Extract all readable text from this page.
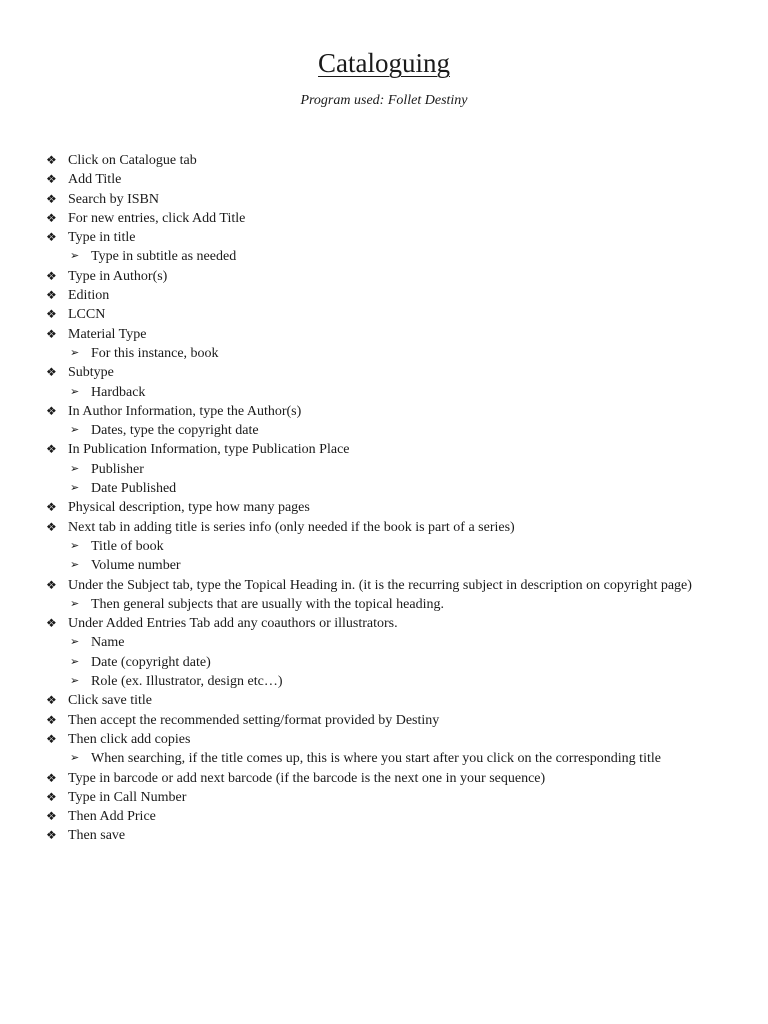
Cataloguing
Program used: Follet Destiny
❖ Click on Catalogue tab
❖ Add Title
❖ Search by ISBN
❖ For new entries, click Add Title
❖ Type in title
➢ Type in subtitle as needed
❖ Type in Author(s)
❖ Edition
❖ LCCN
❖ Material Type
➢ For this instance, book
❖ Subtype
➢ Hardback
❖ In Author Information, type the Author(s)
➢ Dates, type the copyright date
❖ In Publication Information, type Publication Place
➢ Publisher
➢ Date Published
❖ Physical description, type how many pages
❖ Next tab in adding title is series info (only needed if the book is part of a series)
➢ Title of book
➢ Volume number
❖ Under the Subject tab, type the Topical Heading in. (it is the recurring subject in description on copyright page)
➢ Then general subjects that are usually with the topical heading.
❖ Under Added Entries Tab add any coauthors or illustrators.
➢ Name
➢ Date (copyright date)
➢ Role (ex. Illustrator, design etc…)
❖ Click save title
❖ Then accept the recommended setting/format provided by Destiny
❖ Then click add copies
➢ When searching, if the title comes up, this is where you start after you click on the corresponding title
❖ Type in barcode or add next barcode (if the barcode is the next one in your sequence)
❖ Type in Call Number
❖ Then Add Price
❖ Then save
